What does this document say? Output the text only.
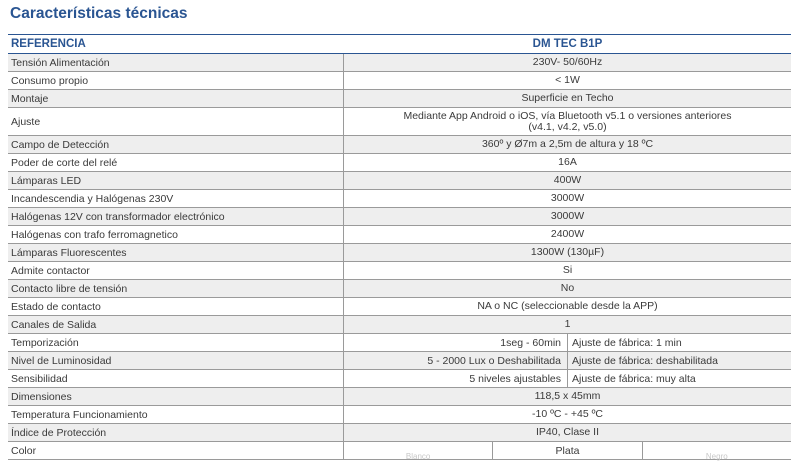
Características técnicas
REFERENCIA	DM TEC B1P
Tensión Alimentación	230V- 50/60Hz
Consumo propio	< 1W
Montaje	Superficie en Techo
Ajuste	Mediante App Android o iOS, vía Bluetooth v5.1 o versiones anteriores
(v4.1, v4.2, v5.0)
Campo de Detección	360º y Ø7m a 2,5m de altura y 18 ºC
Poder de corte del relé	16A
Lámparas LED	400W
Incandescendia y Halógenas 230V	3000W
Halógenas 12V con transformador electrónico	3000W
Halógenas con trafo ferromagnetico	2400W
Lámparas Fluorescentes	1300W (130µF)
Admite contactor	Si
Contacto libre de tensión	No
Estado de contacto	NA o NC (seleccionable desde la APP)
Canales de Salida	1
Temporización	1seg - 60min	Ajuste de fábrica: 1 min
Nivel de Luminosidad	5 - 2000 Lux o Deshabilitada	Ajuste de fábrica: deshabilitada
Sensibilidad	5 niveles ajustables	Ajuste de fábrica: muy alta
Dimensiones	118,5 x 45mm
Temperatura Funcionamiento	-10 ºC - +45 ºC
Índice de Protección	IP40, Clase II
Color	Blanco	Plata	Negro
